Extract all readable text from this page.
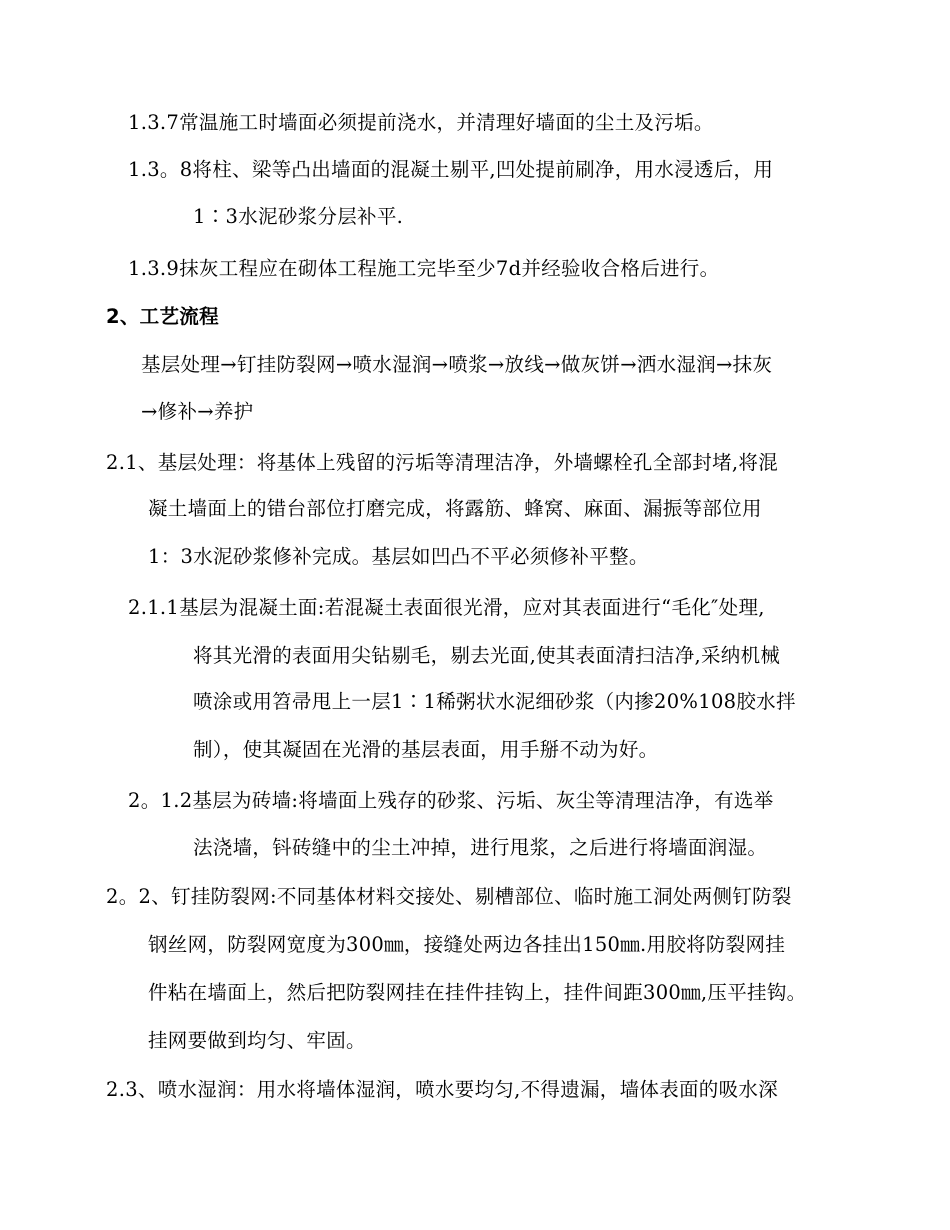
1.3.7常温施工时墙面必须提前浇水，并清理好墙面的尘土及污垢。
1.3。8将柱、梁等凸出墙面的混凝土剔平,凹处提前刷净，用水浸透后，用
1∶3水泥砂浆分层补平.
1.3.9抹灰工程应在砌体工程施工完毕至少7d并经验收合格后进行。
2、工艺流程
基层处理→钉挂防裂网→喷水湿润→喷浆→放线→做灰饼→洒水湿润→抹灰
→修补→养护
2.1、基层处理：将基体上残留的污垢等清理洁净，外墙螺栓孔全部封堵,将混
凝土墙面上的错台部位打磨完成，将露筋、蜂窝、麻面、漏振等部位用
1：3水泥砂浆修补完成。基层如凹凸不平必须修补平整。
2.1.1基层为混凝土面:若混凝土表面很光滑，应对其表面进行“毛化″处理,
将其光滑的表面用尖钻剔毛，剔去光面,使其表面清扫洁净,采纳机械
喷涂或用笤帚甩上一层1∶1稀粥状水泥细砂浆（内掺20%108胶水拌
制），使其凝固在光滑的基层表面，用手掰不动为好。
2。1.2基层为砖墙:将墙面上残存的砂浆、污垢、灰尘等清理洁净，有选举
法浇墙，钭砖缝中的尘土冲掉，进行甩浆，之后进行将墙面润湿。
2。2、钉挂防裂网:不同基体材料交接处、剔槽部位、临时施工洞处两侧钉防裂
钢丝网，防裂网宽度为300㎜，接缝处两边各挂出150㎜.用胶将防裂网挂
件粘在墙面上，然后把防裂网挂在挂件挂钩上，挂件间距300㎜,压平挂钩。
挂网要做到均匀、牢固。
2.3、喷水湿润：用水将墙体湿润，喷水要均匀,不得遗漏，墙体表面的吸水深
